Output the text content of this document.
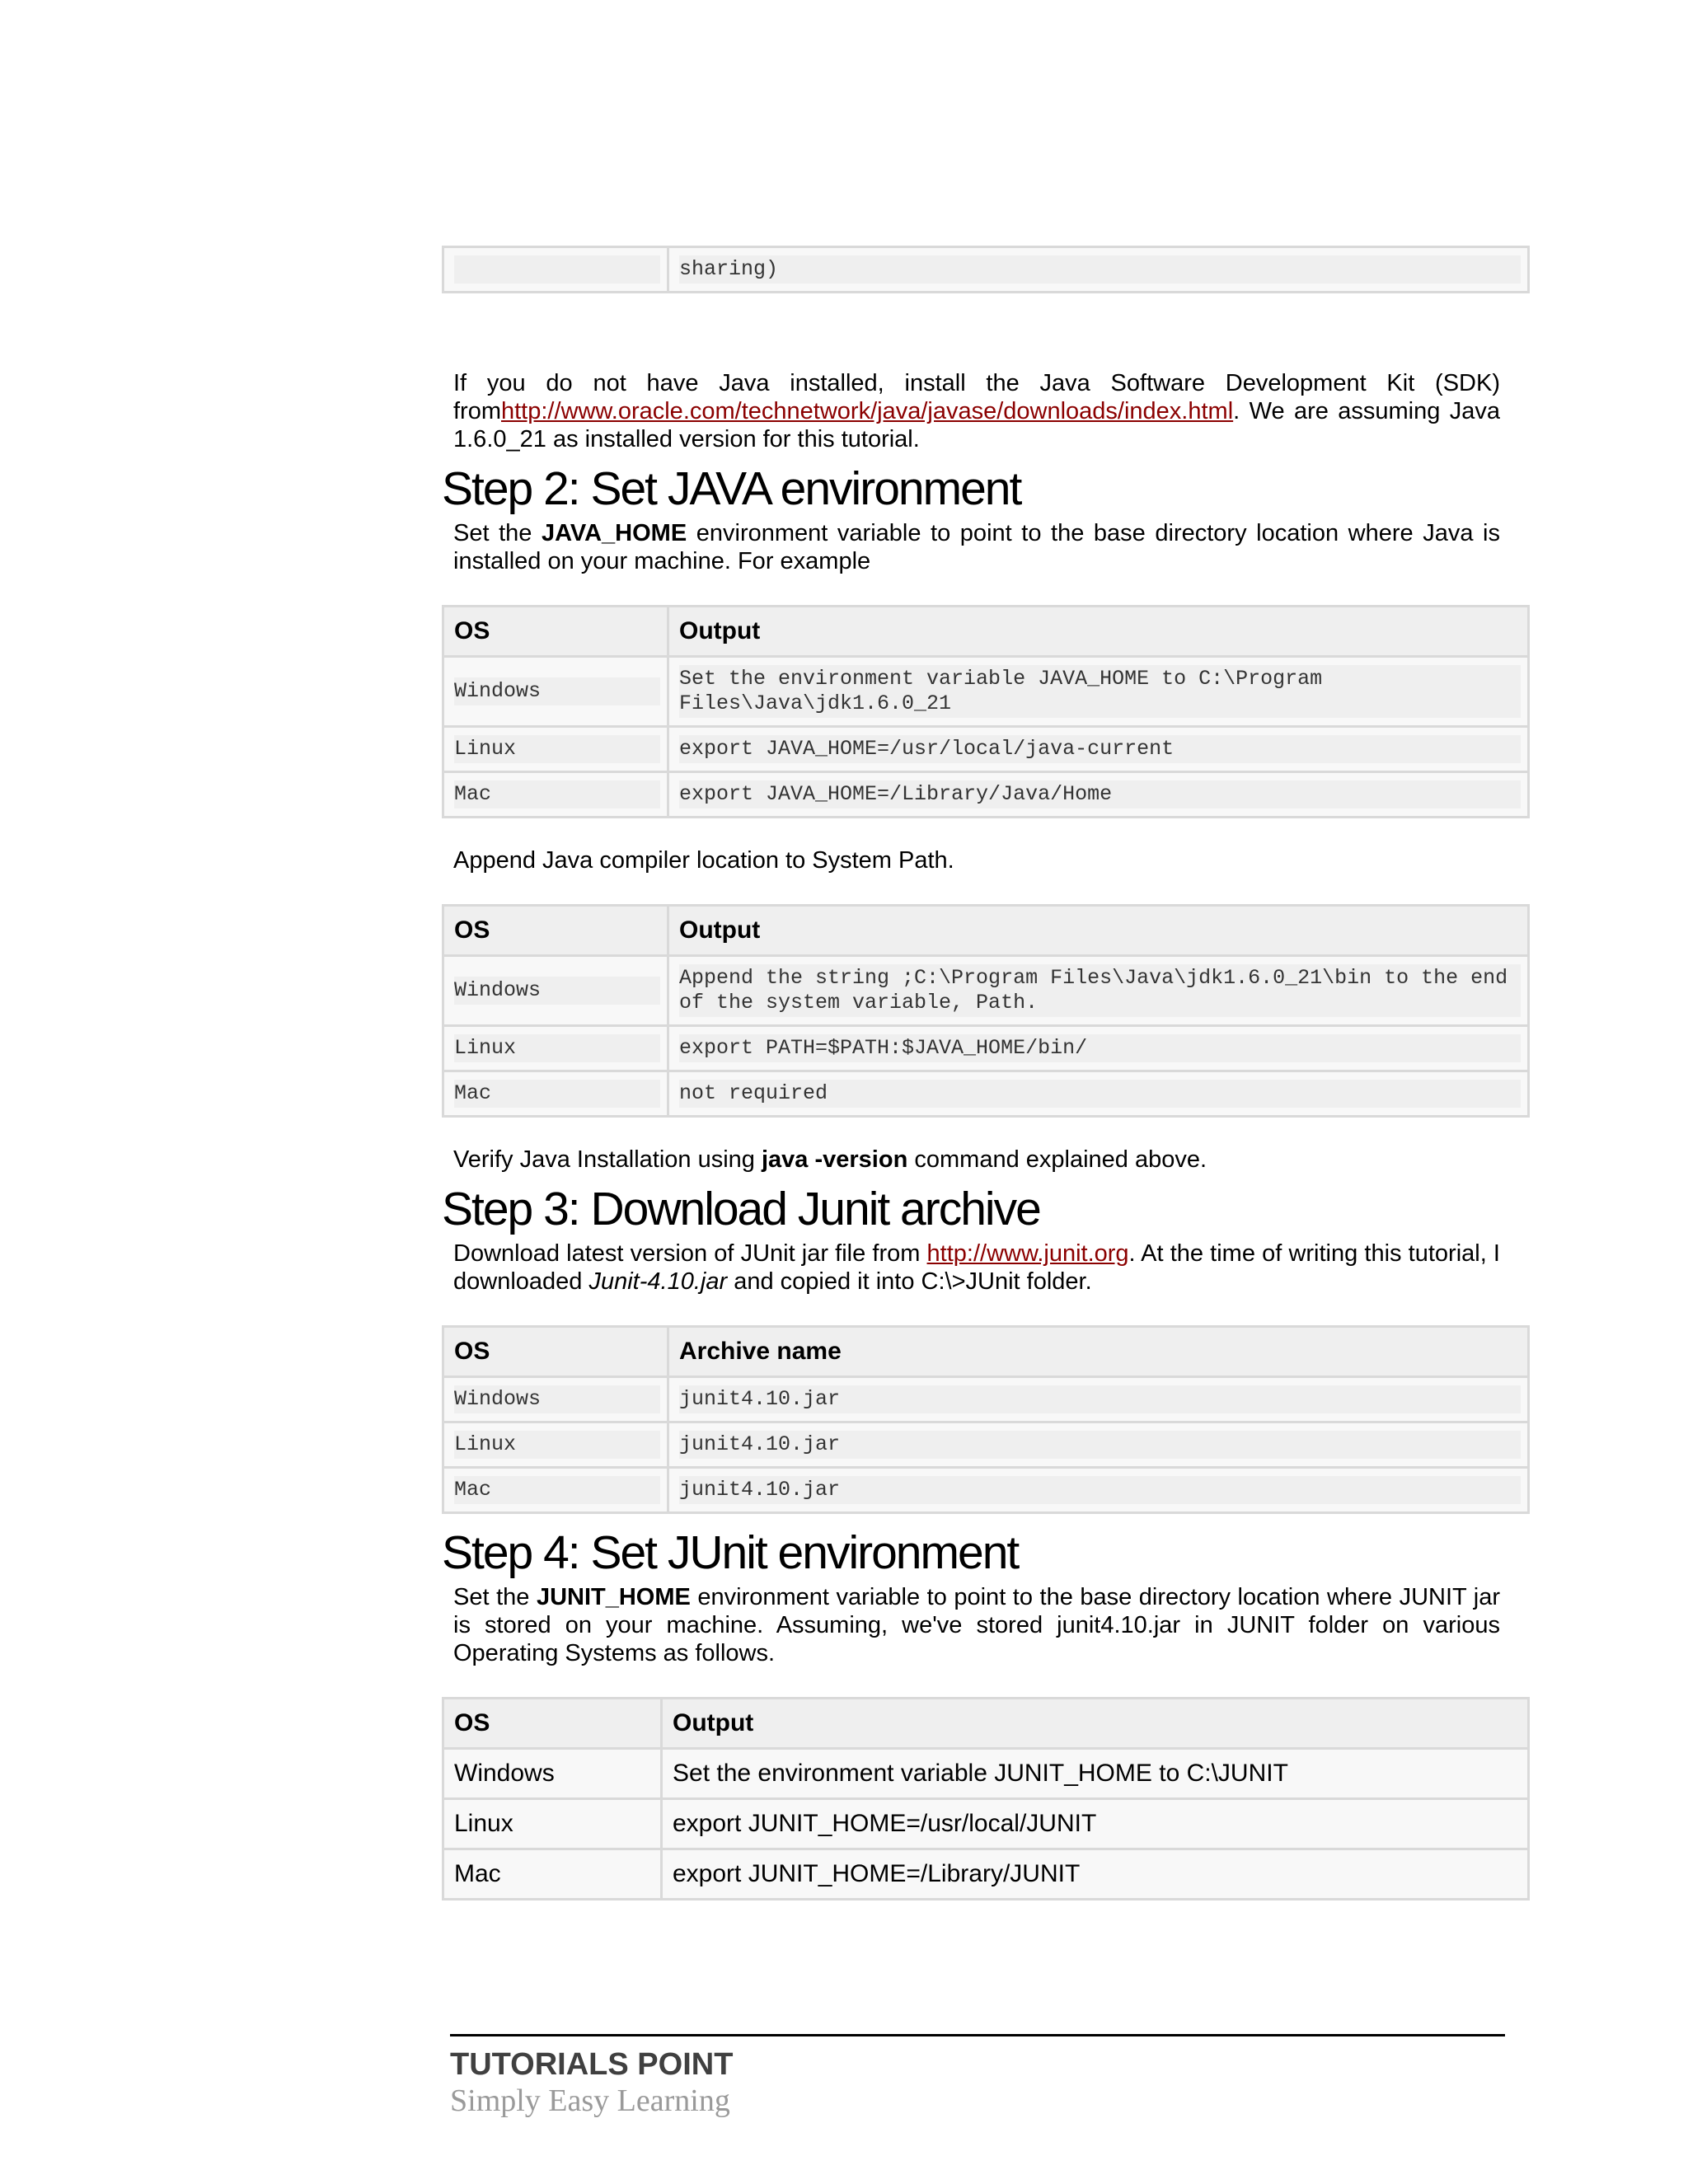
sharing)

If you do not have Java installed, install the Java Software Development Kit (SDK) fromhttp://www.oracle.com/technetwork/java/javase/downloads/index.html. We are assuming Java 1.6.0_21 as installed version for this tutorial.

Step 2: Set JAVA environment

Set the JAVA_HOME environment variable to point to the base directory location where Java is installed on your machine. For example

OS	Output

Windows	Set the environment variable JAVA_HOME to C:\Program Files\Java\jdk1.6.0_21

Linux	export JAVA_HOME=/usr/local/java-current

Mac	export JAVA_HOME=/Library/Java/Home

Append Java compiler location to System Path.

OS	Output

Windows	Append the string ;C:\Program Files\Java\jdk1.6.0_21\bin to the end of the system variable, Path.

Linux	export PATH=$PATH:$JAVA_HOME/bin/

Mac	not required

Verify Java Installation using java -version command explained above.

Step 3: Download Junit archive

Download latest version of JUnit jar file from http://www.junit.org. At the time of writing this tutorial, I downloaded Junit-4.10.jar and copied it into C:\>JUnit folder.

OS	Archive name

Windows	junit4.10.jar

Linux	junit4.10.jar

Mac	junit4.10.jar
Step 4: Set JUnit environment

Set the JUNIT_HOME environment variable to point to the base directory location where JUNIT jar is stored on your machine. Assuming, we've stored junit4.10.jar in JUNIT folder on various Operating Systems as follows.

OS	Output
Windows	Set the environment variable JUNIT_HOME to C:\JUNIT
Linux	export JUNIT_HOME=/usr/local/JUNIT
Mac	export JUNIT_HOME=/Library/JUNIT
TUTORIALS POINT
Simply Easy Learning
